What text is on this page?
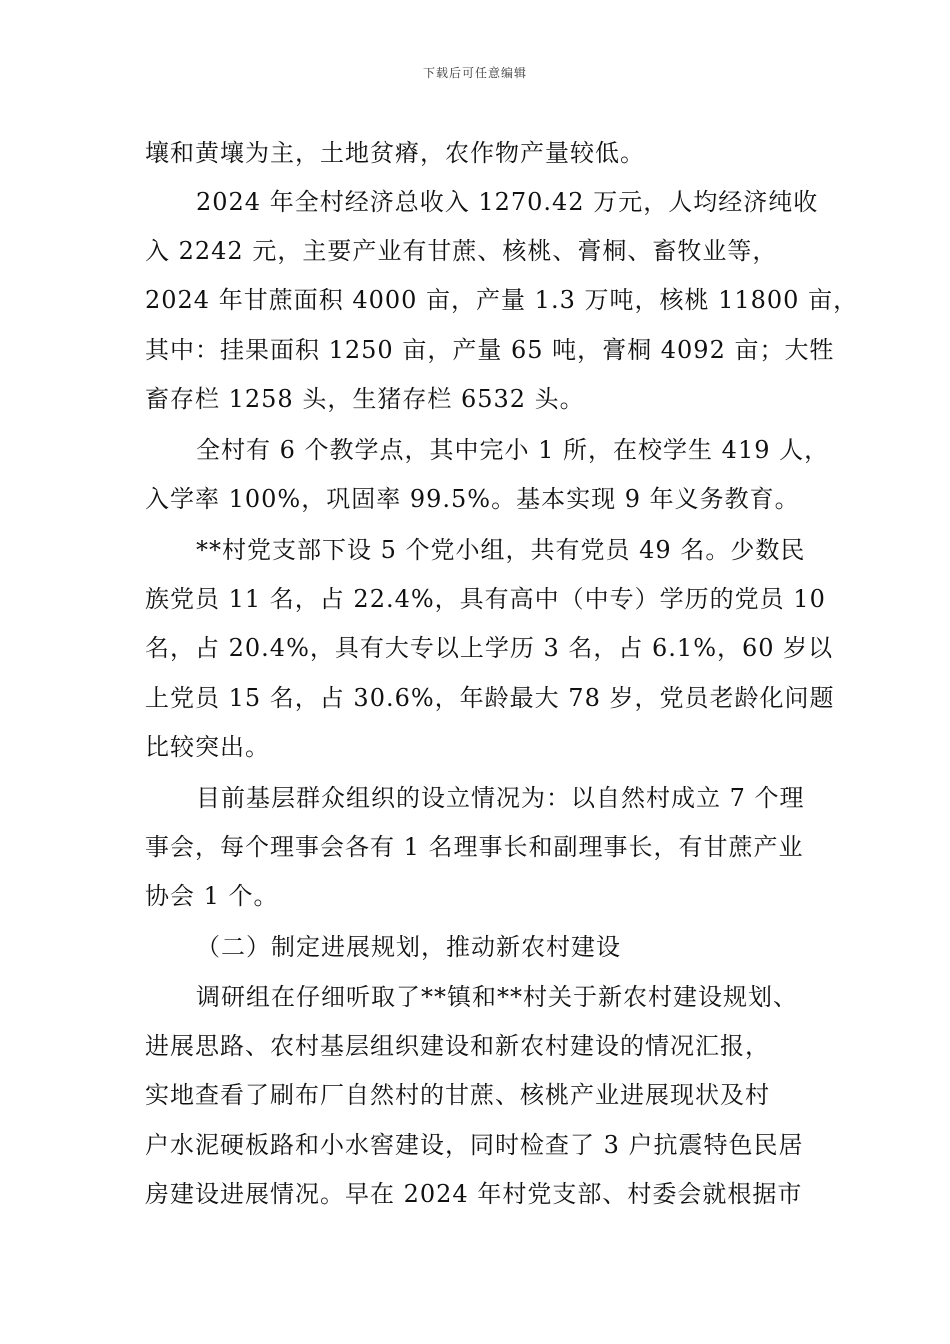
下载后可任意编辑
壤和黄壤为主，土地贫瘠，农作物产量较低。
2024 年全村经济总收入 1270.42 万元，人均经济纯收
入 2242 元，主要产业有甘蔗、核桃、膏桐、畜牧业等，
2024 年甘蔗面积 4000 亩，产量 1.3 万吨，核桃 11800 亩，
其中：挂果面积 1250 亩，产量 65 吨，膏桐 4092 亩；大牲
畜存栏 1258 头，生猪存栏 6532 头。
全村有 6 个教学点，其中完小 1 所，在校学生 419 人，
入学率 100%，巩固率 99.5%。基本实现 9 年义务教育。
**村党支部下设 5 个党小组，共有党员 49 名。少数民
族党员 11 名，占 22.4%，具有高中（中专）学历的党员 10
名，占 20.4%，具有大专以上学历 3 名，占 6.1%，60 岁以
上党员 15 名，占 30.6%，年龄最大 78 岁，党员老龄化问题
比较突出。
目前基层群众组织的设立情况为：以自然村成立 7 个理
事会，每个理事会各有 1 名理事长和副理事长，有甘蔗产业
协会 1 个。
（二）制定进展规划，推动新农村建设
调研组在仔细听取了**镇和**村关于新农村建设规划、
进展思路、农村基层组织建设和新农村建设的情况汇报，
实地查看了刷布厂自然村的甘蔗、核桃产业进展现状及村
户水泥硬板路和小水窖建设，同时检查了 3 户抗震特色民居
房建设进展情况。早在 2024 年村党支部、村委会就根据市
